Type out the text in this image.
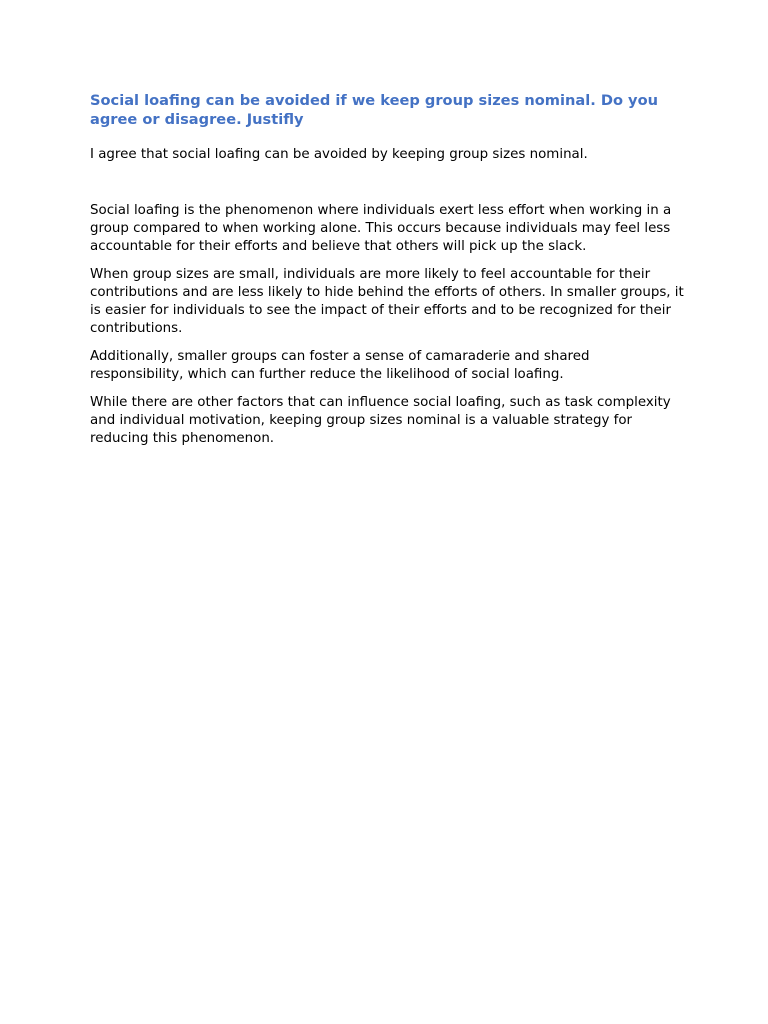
Social loafing can be avoided if we keep group sizes nominal. Do you agree or disagree. Justifly

I agree that social loafing can be avoided by keeping group sizes nominal.

Social loafing is the phenomenon where individuals exert less effort when working in a group compared to when working alone. This occurs because individuals may feel less accountable for their efforts and believe that others will pick up the slack.

When group sizes are small, individuals are more likely to feel accountable for their contributions and are less likely to hide behind the efforts of others. In smaller groups, it is easier for individuals to see the impact of their efforts and to be recognized for their contributions.

Additionally, smaller groups can foster a sense of camaraderie and shared responsibility, which can further reduce the likelihood of social loafing.

While there are other factors that can influence social loafing, such as task complexity and individual motivation, keeping group sizes nominal is a valuable strategy for reducing this phenomenon.
